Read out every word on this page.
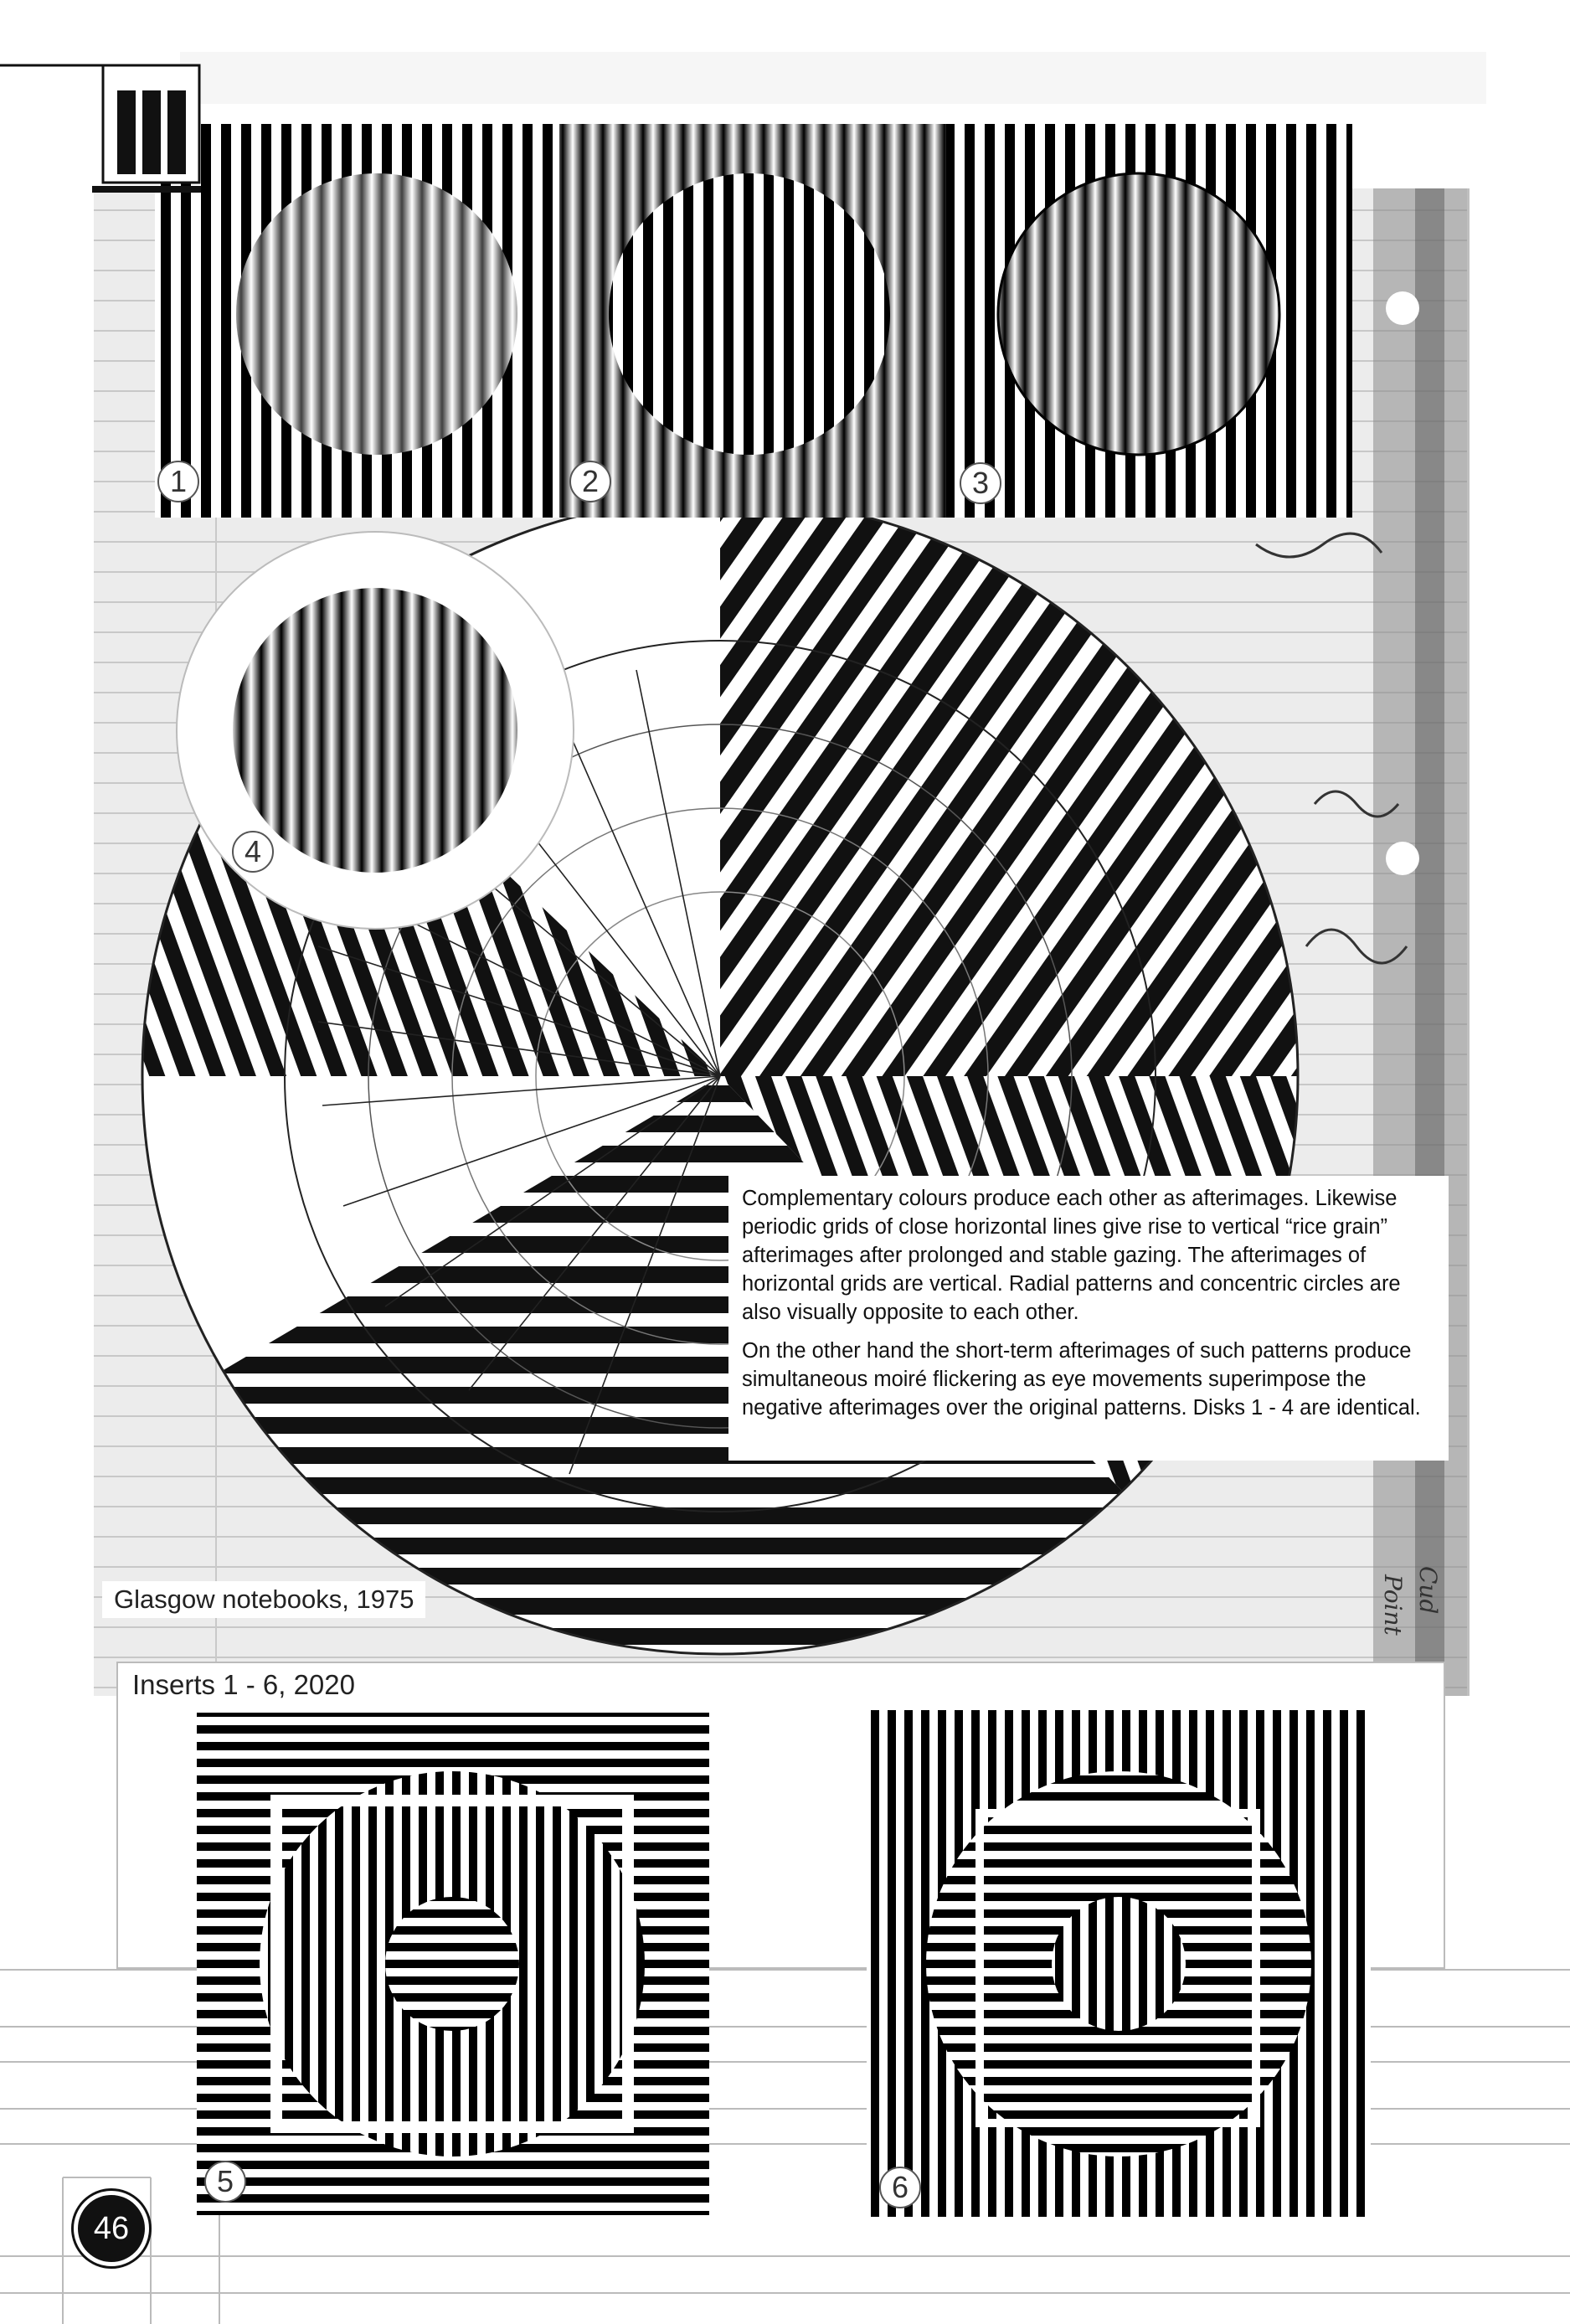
1	2	3
4
5	6

Complementary colours produce each other as afterimages. Likewise periodic grids of close horizontal lines give rise to vertical “rice grain” afterimages after prolonged and stable gazing. The afterimages of horizontal grids are vertical. Radial patterns and concentric circles are also visually opposite to each other.

On the other hand the short-term afterimages of such patterns produce simultaneous moiré flickering as eye movements superimpose the negative afterimages over the original patterns. Disks 1 - 4 are identical.

Glasgow notebooks, 1975
Inserts 1 - 6, 2020
Point Cud
46
